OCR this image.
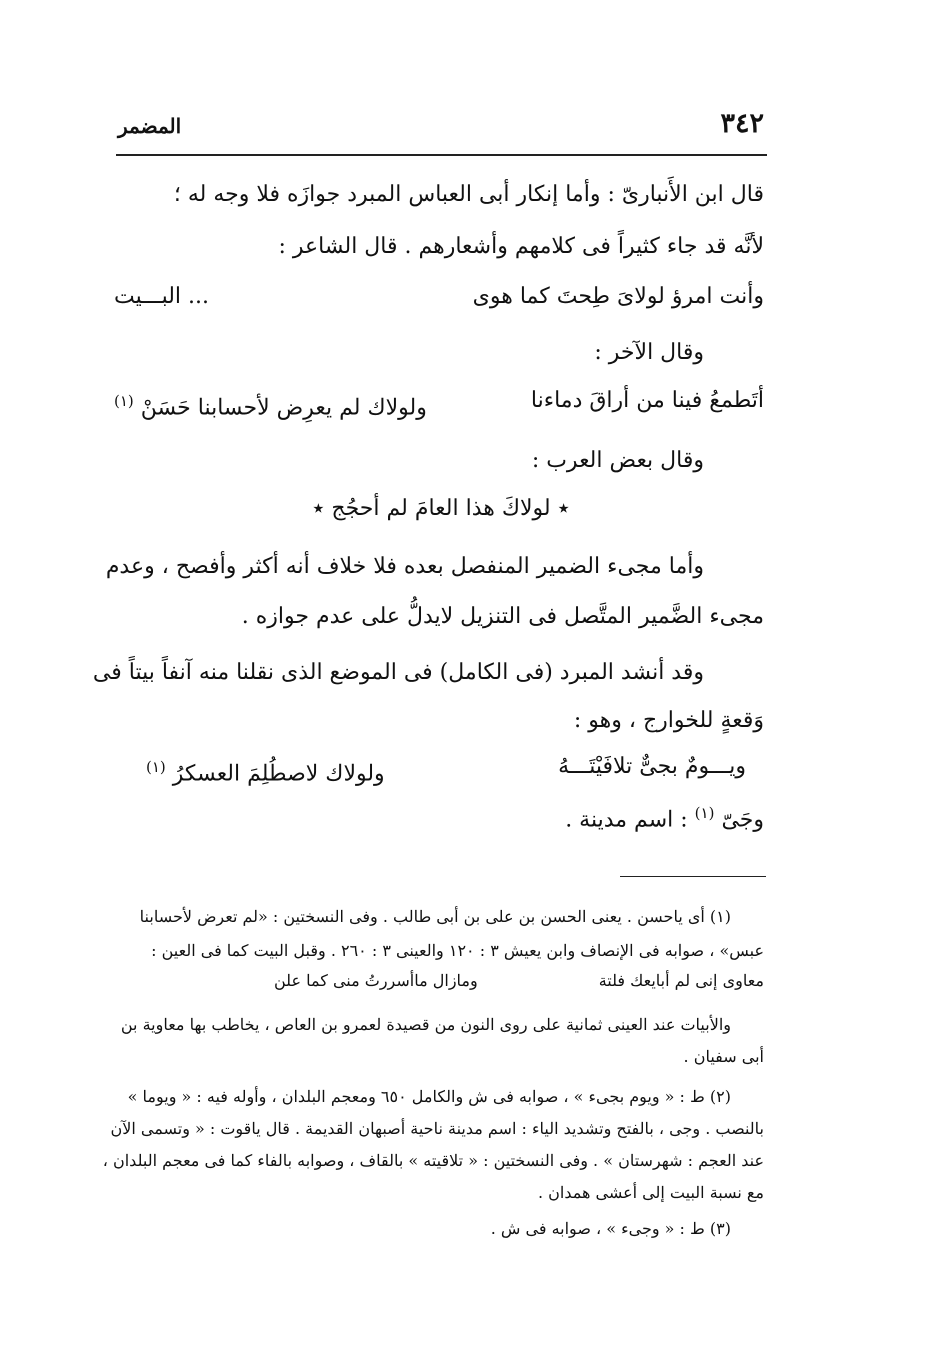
٣٤٢
المضمر
قال ابن الأَنبارىّ : وأما إنكار أبى العباس المبرد جوازَه فلا وجه له ؛
لأنَّه قد جاء كثيراً فى كلامهم وأشعارهم . قال الشاعر :
وأنت امرؤ لولاىَ طِحتَ كما هوى
... البـــيت
وقال الآخر :
أتَطمعُ فينا من أراقَ دماءنا
ولولاك لم يعرِض لأحسابنا حَسَنْ $^{(١)}$
وقال بعض العرب :
٭ لولاكَ هذا العامَ لم أحجُج ٭
وأما مجىء الضمير المنفصل بعده فلا خلاف أنه أكثر وأفصح ، وعدم
مجىء الضَّمير المتَّصل فى التنزيل لايدلُّ على عدم جوازه .
وقد أنشد المبرد (فى الكامل) فى الموضع الذى نقلنا منه آنفاً بيتاً فى
وَقعةٍ للخوارج ، وهو :
ويـــومٌ بجىٌّ تلافَيْتَـــهُ
ولولاك لاصطُلِمَ العسكرُ $^{(١)}$
وجَىّ $^{(١)}$ : اسم مدينة .
(١) أى ياحسن . يعنى الحسن بن على بن أبى طالب . وفى النسختين : «لم تعرض لأحسابنا
عبس» ، صوابه فى الإنصاف وابن يعيش ٣ : ١٢٠ والعينى ٣ : ٢٦٠ . وقبل البيت كما فى العين :
معاوى إنى لم أبايعك فلتة
ومازال ماأسررتُ منى كما علن
والأبيات عند العينى ثمانية على روى النون من قصيدة لعمرو بن العاص ، يخاطب بها معاوية بن
أبى سفيان .
(٢) ط : « ويوم بجىء » ، صوابه فى ش والكامل ٦٥٠ ومعجم البلدان ، وأوله فيه : « ويوما »
بالنصب . وجى ، بالفتح وتشديد الياء : اسم مدينة ناحية أصبهان القديمة . قال ياقوت : « وتسمى الآن
عند العجم : شهرستان » . وفى النسختين : « تلاقيته » بالقاف ، وصوابه بالفاء كما فى معجم البلدان ،
مع نسبة البيت إلى أعشى همدان .
(٣) ط : « وجىء » ، صوابه فى ش .
